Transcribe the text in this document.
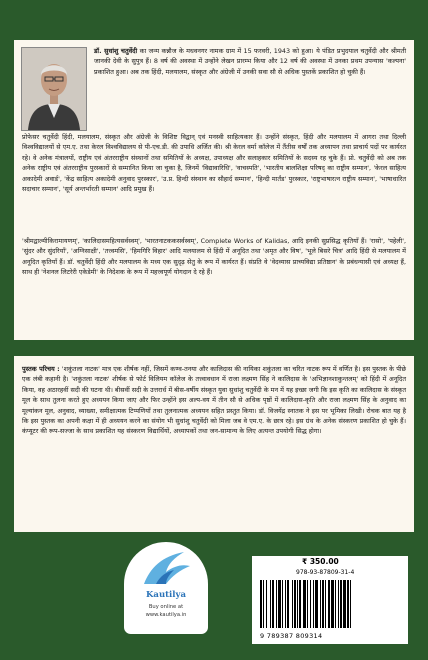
डॉ. सुधांशु चतुर्वेदी का जन्म कन्नौज के मधवनगर नामक ग्राम में 15 फरवरी, 1943 को हुआ। ये पंडित प्रभुदयाल चतुर्वेदी और श्रीमती जानकी देवी के सुपुत्र हैं। 8 वर्ष की अवस्था में उन्होंने लेखन प्रारम्भ किया और 12 वर्ष की अवस्था में उनका प्रथम उपन्यास 'कल्पना' प्रकाशित हुआ। अब तक हिंदी, मलयालम, संस्कृत और अंग्रेजी में उनकी सवा सौ से अधिक पुस्तकें प्रकाशित हो चुकी हैं।
प्रोफेसर चतुर्वेदी हिंदी, मलयालम, संस्कृत और अंग्रेजी के विशिष्ट विद्वान् एवं मनस्वी साहित्यकार हैं। उन्होंने संस्कृत, हिंदी और मलयालम में आगरा तथा दिल्ली विश्वविद्यालयों से एम.ए. तथा केरल विश्वविद्यालय से पी-एच.डी. की उपाधि अर्जित की। श्री केरल वर्मा कॉलेज में तैंतीस वर्षों तक अध्यापन तथा प्राचार्य पदों पर कार्यरत रहे। वे अनेक मंत्रालयों, राष्ट्रीय एवं अंतरराष्ट्रीय संस्थानों तथा समितियों के अध्यक्ष, उपाध्यक्ष और सलाहकार समितियों के सदस्य रह चुके हैं। प्रो. चतुर्वेदी को अब तक अनेक राष्ट्रीय एवं अंतरराष्ट्रीय पुरस्कारों से सम्मानित किया जा चुका है, जिनमें 'विद्यावारिधि', 'वाचस्पति', 'भारतीय बालशिक्षा परिषद् का राष्ट्रीय सम्मान', 'केरल साहित्य अकादेमी अवार्ड', 'केंद्र साहित्य अकादेमी अनुवाद पुरस्कार', 'उ.प्र. हिन्दी संस्थान का सौहार्द सम्मान', 'हिन्दी मार्तंड' पुरस्कार, 'राष्ट्रभाषारत्न राष्ट्रीय सम्मान', 'भाषाधारित सदाचार सम्मान', 'सूर्य अन्तर्भारती सम्मान' आदि प्रमुख हैं।
'श्रीमद्वाल्मीकिरामायणम्', 'कालिदासमहित्यसर्वस्वम्', 'भारतनाटककसर्वस्वम्', Complete Works of Kalidas, आदि इनकी सुप्रसिद्ध कृतियाँ हैं। 'रासो', 'पहेली', 'सुंदर और सुंदरियाँ', 'अग्निसाक्षी', 'तत्त्वमसि', 'हिमगिरि विहार' आदि मलयालम से हिंदी में अनूदित तथा 'अमृत और विष', 'भूले बिसरे चित्र' आदि हिंदी से मलयालम में अनूदित कृतियाँ हैं। डॉ. चतुर्वेदी हिंदी और मलयालम के मध्य एक सुदृढ़ सेतु के रूप में कार्यरत हैं। संप्रति वे 'वेदव्यास प्राच्यविद्या प्रतिष्ठान' के प्रबंधन्यासी एवं अध्यक्ष हैं, साथ ही 'नेशनल लिटरेरी एकेडेमी' के निदेशक के रूप में महत्त्वपूर्ण योगदान दे रहे हैं।
पुस्तक परिचय : 'शकुंतला नाटक' मात्र एक शीर्षक नहीं, जिसमें कण्व-तनया और कालिदास की नायिका शकुंतला का चरित नाटक रूप में वर्णित है। इस पुस्तक के पीछे एक लंबी कहानी है। 'शकुंतला नाटक' शीर्षक से फोर्ट विलियम कॉलेज के तत्त्वावधान में राजा लक्ष्मण सिंह ने कालिदास के 'अभिज्ञानशाकुन्तलम्' को हिंदी में अनूदित किया, वह अठारहवीं सदी की घटना थी। बीसवीं सदी के उत्तरार्ध में बीस-वर्षीय संस्कृत युवा सुधांशु चतुर्वेदी के मन में यह इच्छा जगी कि इस कृति का कालिदास के संस्कृत मूल के साथ तुलना करते हुए अध्ययन किया जाए और फिर उन्होंने इस अल्प-वय में तीन सौ से अधिक पृष्ठों में कालिदास-कृति और राजा लक्ष्मण सिंह के अनुवाद का मूल्यांकन मूल, अनुवाद, व्याख्या, समीक्षात्मक टिप्पणियाँ तथा तुलनात्मक अध्ययन सहित प्रस्तुत किया। डॉ. विजयेंद्र स्नातक ने इस पर भूमिका लिखी। रोचक बात यह है कि इस पुस्तक का अपनी कक्षा में ही अध्ययन करने का संयोग भी सुधांशु चतुर्वेदी को मिला जब वे एम.ए. के छात्र रहे। इस ग्रंथ के अनेक संस्करण प्रकाशित हो चुके हैं। कंप्यूटर की रूप-सज्जा के साथ प्रकाशित यह संस्करण विद्यार्थियों, अध्यापकों तथा जन-सामान्य के लिए अत्यन्त उपयोगी सिद्ध होगा।
Kautilya
Buy online at
www.kautilya.in
₹ 350.00
978-93-87809-31-4
9 789387 809314
